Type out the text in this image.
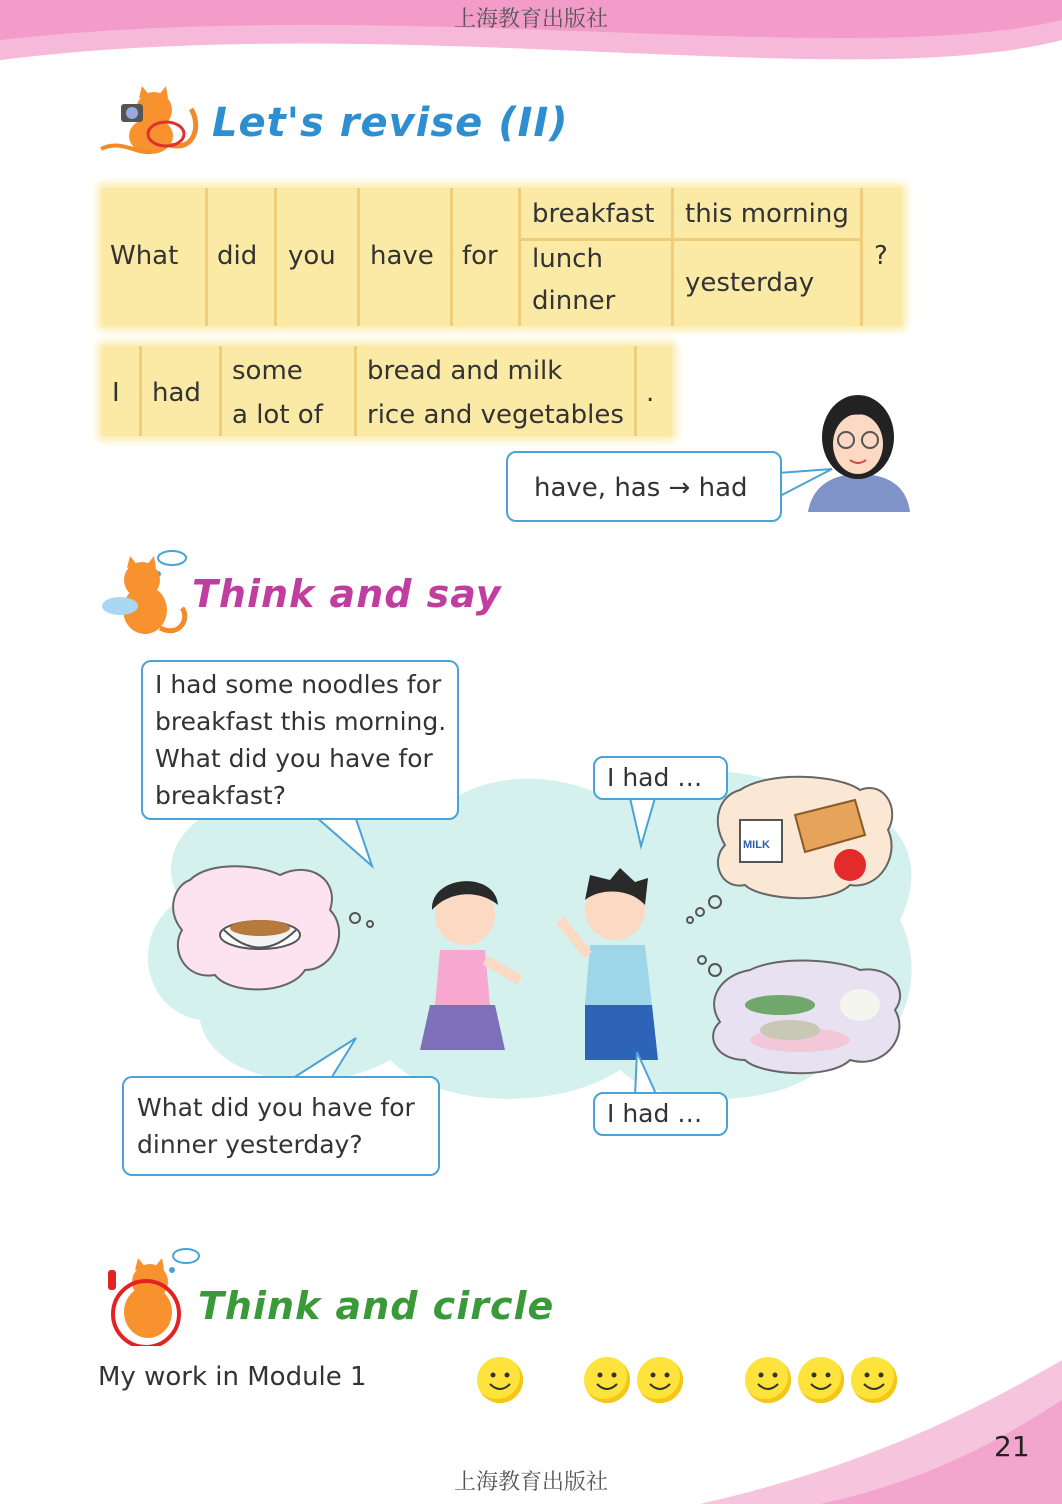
上海教育出版社
Let's revise (II)
What did you have for
breakfast
lunch
dinner
this morning
yesterday
?
I had
some
a lot of
bread and milk
rice and vegetables
.
have, has → had
Think and say
MILK
I had some noodles for breakfast this morning. What did you have for breakfast?
I had …
What did you have for dinner yesterday?
I had …
Think and circle
My work in Module 1
21
上海教育出版社
